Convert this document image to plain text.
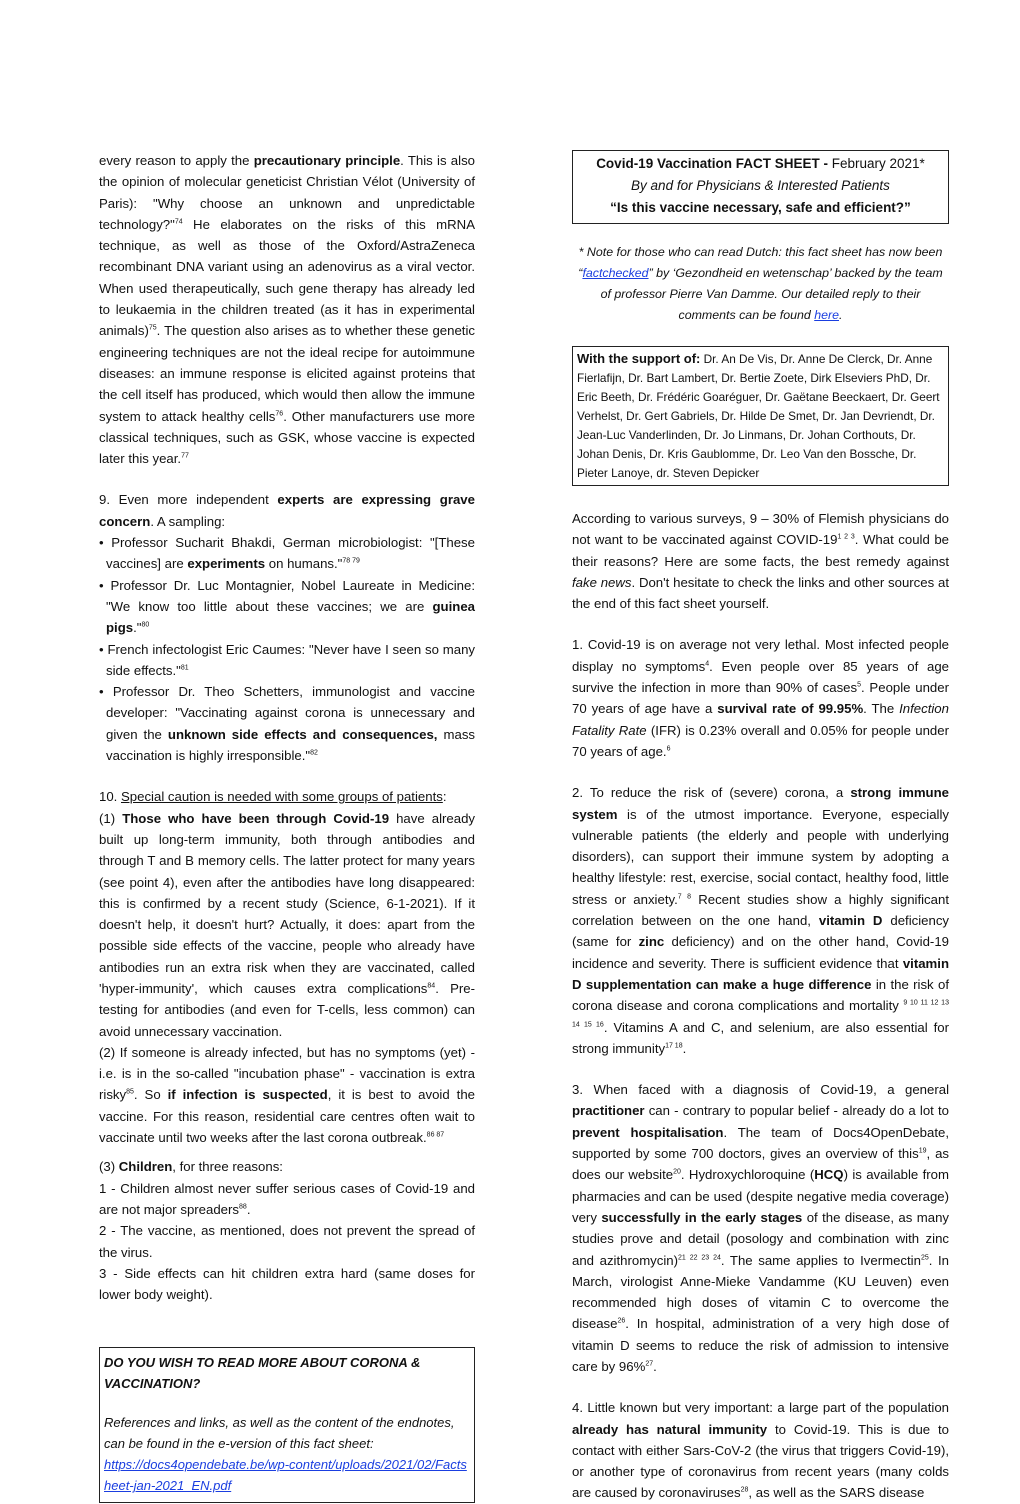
every reason to apply the precautionary principle. This is also the opinion of molecular geneticist Christian Vélot (University of Paris): "Why choose an unknown and unpredictable technology?"$^{74}$ He elaborates on the risks of this mRNA technique, as well as those of the Oxford/AstraZeneca recombinant DNA variant using an adenovirus as a viral vector. When used therapeutically, such gene therapy has already led to leukaemia in the children treated (as it has in experimental animals)$^{75}$. The question also arises as to whether these genetic engineering techniques are not the ideal recipe for autoimmune diseases: an immune response is elicited against proteins that the cell itself has produced, which would then allow the immune system to attack healthy cells$^{76}$. Other manufacturers use more classical techniques, such as GSK, whose vaccine is expected later this year.$^{77}$

9. Even more independent experts are expressing grave concern. A sampling:

• Professor Sucharit Bhakdi, German microbiologist: "[These vaccines] are experiments on humans."$^{78 79}$

• Professor Dr. Luc Montagnier, Nobel Laureate in Medicine: "We know too little about these vaccines; we are guinea pigs."$^{80}$

• French infectologist Eric Caumes: "Never have I seen so many side effects."$^{81}$

• Professor Dr. Theo Schetters, immunologist and vaccine developer: "Vaccinating against corona is unnecessary and given the unknown side effects and consequences, mass vaccination is highly irresponsible."$^{82}$

10. Special caution is needed with some groups of patients:

(1) Those who have been through Covid-19 have already built up long-term immunity, both through antibodies and through T and B memory cells. The latter protect for many years (see point 4), even after the antibodies have long disappeared: this is confirmed by a recent study (Science, 6-1-2021). If it doesn't help, it doesn't hurt? Actually, it does: apart from the possible side effects of the vaccine, people who already have antibodies run an extra risk when they are vaccinated, called 'hyper-immunity', which causes extra complications$^{84}$. Pre-testing for antibodies (and even for T-cells, less common) can avoid unnecessary vaccination.

(2) If someone is already infected, but has no symptoms (yet) - i.e. is in the so-called "incubation phase" - vaccination is extra risky$^{85}$. So if infection is suspected, it is best to avoid the vaccine. For this reason, residential care centres often wait to vaccinate until two weeks after the last corona outbreak.$^{86 87}$

(3) Children, for three reasons:

1 - Children almost never suffer serious cases of Covid-19 and are not major spreaders$^{88}$.

2 - The vaccine, as mentioned, does not prevent the spread of the virus.

3 - Side effects can hit children extra hard (same doses for lower body weight).

DO YOU WISH TO READ MORE ABOUT CORONA & VACCINATION?
References and links, as well as the content of the endnotes, can be found in the e-version of this fact sheet:
https://docs4opendebate.be/wp-content/uploads/2021/02/Factsheet-jan-2021_EN.pdf
Covid-19 Vaccination FACT SHEET - February 2021*
By and for Physicians & Interested Patients
“Is this vaccine necessary, safe and efficient?”

* Note for those who can read Dutch: this fact sheet has now been “factchecked” by ‘Gezondheid en wetenschap’ backed by the team of professor Pierre Van Damme. Our detailed reply to their comments can be found here.

With the support of: Dr. An De Vis, Dr. Anne De Clerck, Dr. Anne Fierlafijn, Dr. Bart Lambert, Dr. Bertie Zoete, Dirk Elseviers PhD, Dr. Eric Beeth, Dr. Frédéric Goaréguer, Dr. Gaëtane Beeckaert, Dr. Geert Verhelst, Dr. Gert Gabriels, Dr. Hilde De Smet, Dr. Jan Devriendt, Dr. Jean-Luc Vanderlinden, Dr. Jo Linmans, Dr. Johan Corthouts, Dr. Johan Denis, Dr. Kris Gaublomme, Dr. Leo Van den Bossche, Dr. Pieter Lanoye, dr. Steven Depicker

According to various surveys, 9 – 30% of Flemish physicians do not want to be vaccinated against COVID-$19^{1 2 3}$. What could be their reasons? Here are some facts, the best remedy against fake news. Don't hesitate to check the links and other sources at the end of this fact sheet yourself.

1. Covid-19 is on average not very lethal. Most infected people display no symptoms$^4$. Even people over 85 years of age survive the infection in more than 90% of cases$^5$. People under 70 years of age have a survival rate of 99.95%. The Infection Fatality Rate (IFR) is 0.23% overall and 0.05% for people under 70 years of age.$^6$

2. To reduce the risk of (severe) corona, a strong immune system is of the utmost importance. Everyone, especially vulnerable patients (the elderly and people with underlying disorders), can support their immune system by adopting a healthy lifestyle: rest, exercise, social contact, healthy food, little stress or anxiety.$^{7 8}$ Recent studies show a highly significant correlation between on the one hand, vitamin D deficiency (same for zinc deficiency) and on the other hand, Covid-19 incidence and severity. There is sufficient evidence that vitamin D supplementation can make a huge difference in the risk of corona disease and corona complications and mortality $^{9 10 11 12 13 14 15 16}$. Vitamins A and C, and selenium, are also essential for strong immunity$^{17 18}$.

3. When faced with a diagnosis of Covid-19, a general practitioner can - contrary to popular belief - already do a lot to prevent hospitalisation. The team of Docs4OpenDebate, supported by some 700 doctors, gives an overview of this$^{19}$, as does our website$^{20}$. Hydroxychloroquine (HCQ) is available from pharmacies and can be used (despite negative media coverage) very successfully in the early stages of the disease, as many studies prove and detail (posology and combination with zinc and azithromycin)$^{21 22 23 24}$. The same applies to Ivermectin$^{25}$. In March, virologist Anne-Mieke Vandamme (KU Leuven) even recommended high doses of vitamin C to overcome the disease$^{26}$. In hospital, administration of a very high dose of vitamin D seems to reduce the risk of admission to intensive care by 96%$^{27}$.

4. Little known but very important: a large part of the population already has natural immunity to Covid-19. This is due to contact with either Sars-CoV-2 (the virus that triggers Covid-19), or another type of coronavirus from recent years (many colds are caused by coronaviruses$^{28}$, as well as the SARS disease
